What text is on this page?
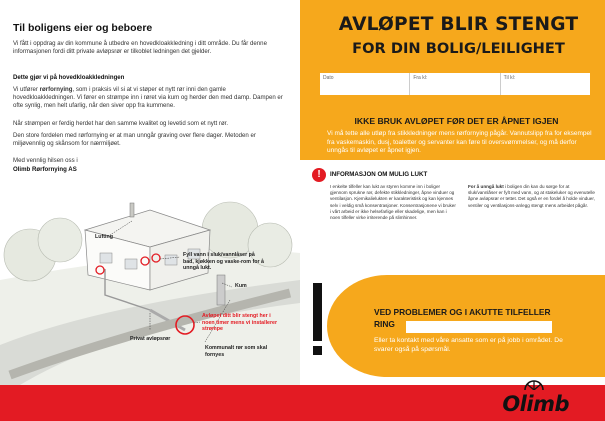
Til boligens eier og beboere
Vi fått i oppdrag av din kommune å utbedre en hovedkloakkledning i ditt område. Du får denne informasjonen fordi ditt private avløpsrør er tilkoblet ledningen det gjelder.
Dette gjør vi på hovedkloakkledningen
Vi utfører rørfornying, som i praksis vil si at vi støper et nytt rør inni den gamle hovedkloakkledningen. Vi fører en strømpe inn i røret via kum og herder den med damp. Dampen er ofte synlig, men helt ufarlig, når den siver opp fra kummene.
Når strømpen er ferdig herdet har den samme kvalitet og levetid som et nytt rør.
Den store fordelen med rørfornying er at man unngår graving over flere dager. Metoden er miljøvennlig og skånsom for nærmiljøet.
Med vennlig hilsen oss i
Olimb Rørfornying AS
Lufting
Fyll vann i sluk/vannlåser på bad, kjøkken og vaske-rom for å unngå lukt.
Kum
Avløpet ditt blir stengt her i noen timer mens vi installerer strømpe
Privat avløpsrør
Kommunalt rør som skal fornyes
AVLØPET BLIR STENGT
FOR DIN BOLIG/LEILIGHET
Dato	Fra kl:	Til kl:
IKKE BRUK AVLØPET FØR DET ER ÅPNET IGJEN
Vi må tette alle utløp fra stikkledninger mens rørfornying pågår. Vannutslipp fra for eksempel fra vaskemaskin, dusj, toaletter og servanter kan føre til oversvømmelser, og må derfor unngås til avløpet er åpnet igjen.
!	INFORMASJON OM MULIG LUKT
I enkelte tilfeller kan lukt av styren komme inn i boliger gjennom sprukne rør, defekte stikkledninger, åpne vinduer og ventilasjon. Kjemikalielukten er karakteristisk og kan kjennes selv i veldig små konsentrasjoner. Konsentrasjonene vi bruker i vårt arbeid er ikke helsefarlige eller skadelige, men kan i noen tilfeller virke irriterende på slimhinner.
For å unngå lukt i boligen din kan du sørge for at sluk/vannlåser er fylt med vann, og at stakeluker og evenutelle åpne avløpsrør er tettet. Det også er en fordel å holde vinduer, ventiler og ventilasjons-anlegg stengt mens arbeidet pågår.
VED PROBLEMER OG I AKUTTE TILFELLER
RING
Eller ta kontakt med våre ansatte som er på jobb i området. De svarer også på spørsmål.
Olimb
